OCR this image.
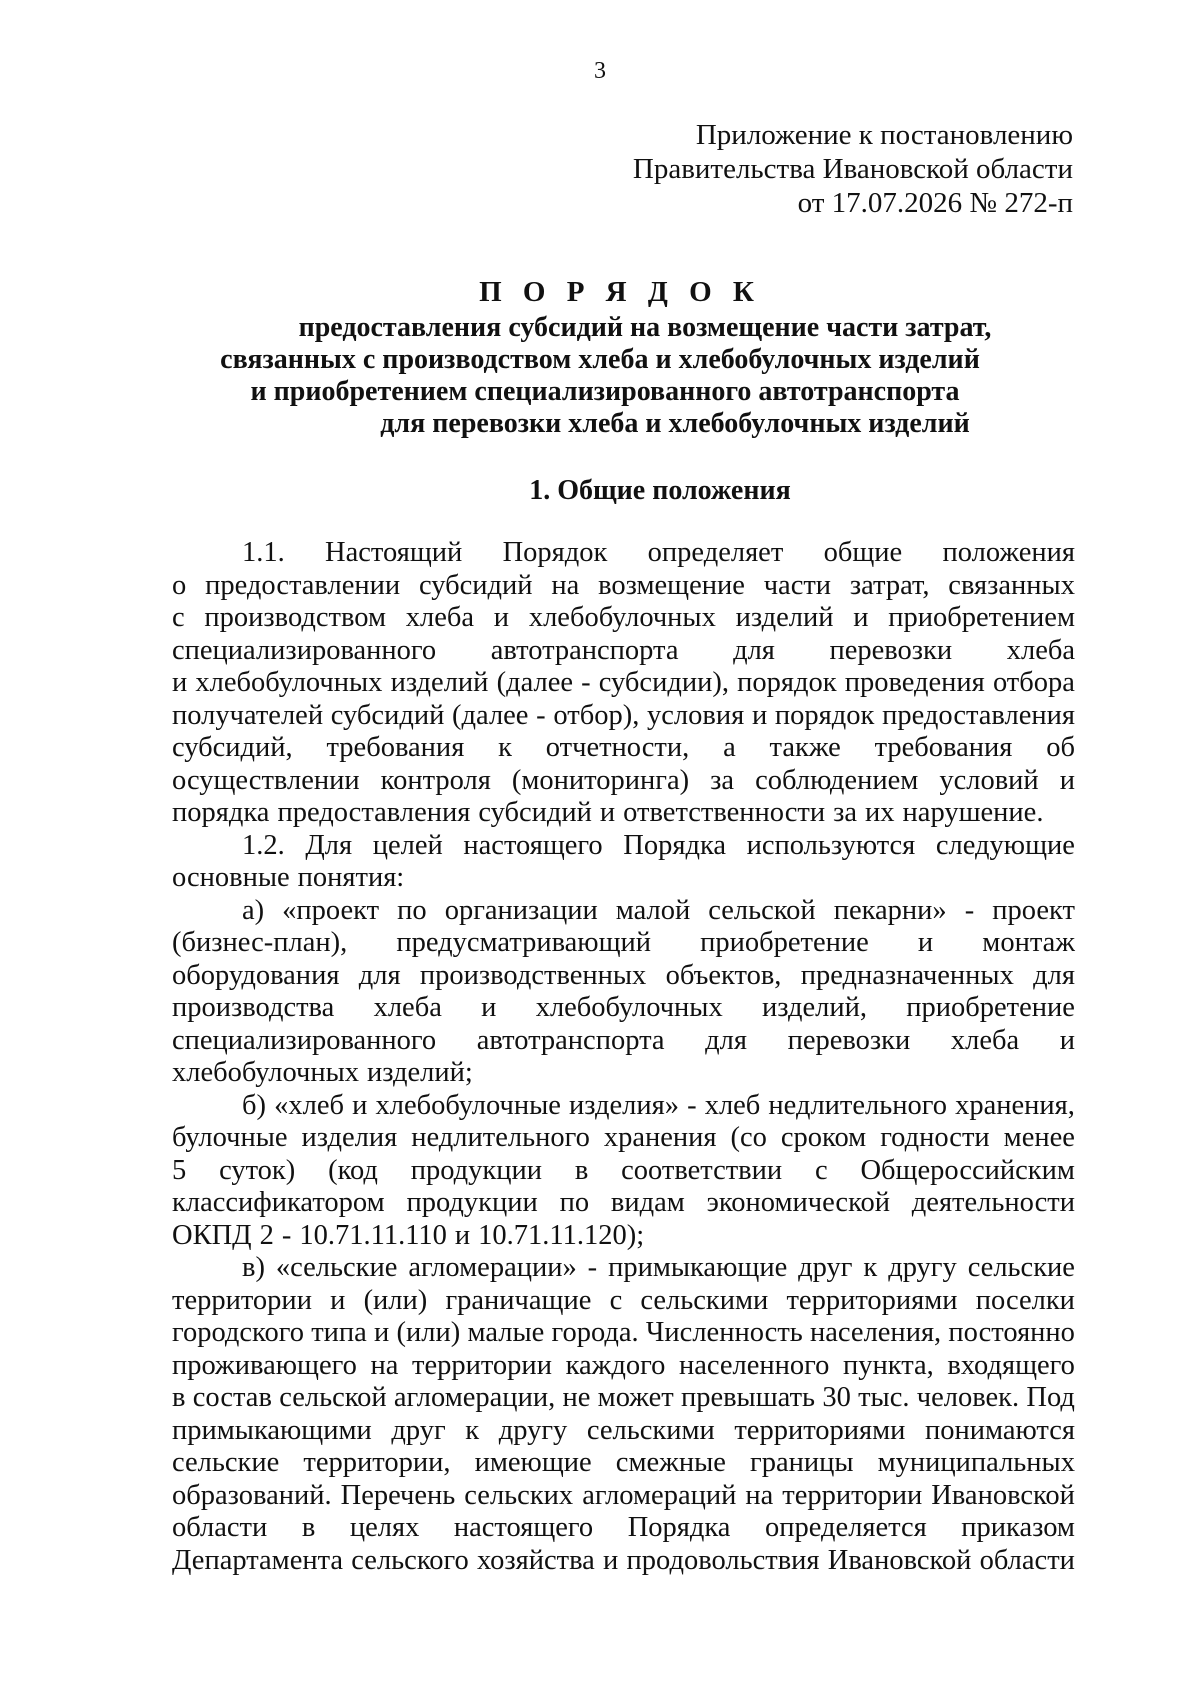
3
Приложение к постановлению
Правительства Ивановской области
от 17.07.2026 № 272-п
П О Р Я Д О К
предоставления субсидий на возмещение части затрат,
связанных с производством хлеба и хлебобулочных изделий
и приобретением специализированного автотранспорта
для перевозки хлеба и хлебобулочных изделий
1. Общие положения
1.1. Настоящий Порядок определяет общие положения
о предоставлении субсидий на возмещение части затрат, связанных
с производством хлеба и хлебобулочных изделий и приобретением
специализированного автотранспорта для перевозки хлеба
и хлебобулочных изделий (далее - субсидии), порядок проведения отбора
получателей субсидий (далее - отбор), условия и порядок предоставления
субсидий, требования к отчетности, а также требования об
осуществлении контроля (мониторинга) за соблюдением условий и
порядка предоставления субсидий и ответственности за их нарушение.
1.2. Для целей настоящего Порядка используются следующие
основные понятия:
а) «проект по организации малой сельской пекарни» - проект
(бизнес-план), предусматривающий приобретение и монтаж
оборудования для производственных объектов, предназначенных для
производства хлеба и хлебобулочных изделий, приобретение
специализированного автотранспорта для перевозки хлеба и
хлебобулочных изделий;
б) «хлеб и хлебобулочные изделия» - хлеб недлительного хранения,
булочные изделия недлительного хранения (со сроком годности менее
5 суток) (код продукции в соответствии с Общероссийским
классификатором продукции по видам экономической деятельности
ОКПД 2 - 10.71.11.110 и 10.71.11.120);
в) «сельские агломерации» - примыкающие друг к другу сельские
территории и (или) граничащие с сельскими территориями поселки
городского типа и (или) малые города. Численность населения, постоянно
проживающего на территории каждого населенного пункта, входящего
в состав сельской агломерации, не может превышать 30 тыс. человек. Под
примыкающими друг к другу сельскими территориями понимаются
сельские территории, имеющие смежные границы муниципальных
образований. Перечень сельских агломераций на территории Ивановской
области в целях настоящего Порядка определяется приказом
Департамента сельского хозяйства и продовольствия Ивановской области
